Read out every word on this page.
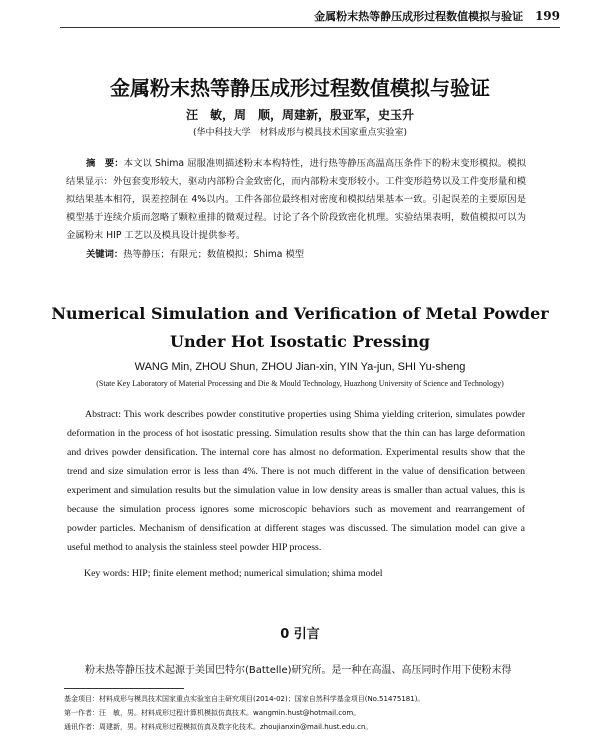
金属粉末热等静压成形过程数值模拟与验证 199
金属粉末热等静压成形过程数值模拟与验证
汪　敏，周　顺，周建新，殷亚军，史玉升
(华中科技大学　材料成形与模具技术国家重点实验室)
摘　要：本文以 Shima 屈服准则描述粉末本构特性，进行热等静压高温高压条件下的粉末变形模拟。模拟结果显示：外包套变形较大，驱动内部粉合金致密化，而内部粉末变形较小。工件变形趋势以及工件变形量和模拟结果基本相符，误差控制在 4%以内。工件各部位最终相对密度和模拟结果基本一致。引起误差的主要原因是模型基于连续介质而忽略了颗粒重排的微观过程。讨论了各个阶段致密化机理。实验结果表明，数值模拟可以为金属粉末 HIP 工艺以及模具设计提供参考。
关键词：热等静压；有限元；数值模拟；Shima 模型
Numerical Simulation and Verification of Metal Powder Under Hot Isostatic Pressing
WANG Min, ZHOU Shun, ZHOU Jian-xin, YIN Ya-jun, SHI Yu-sheng
(State Key Laboratory of Material Processing and Die & Mould Technology, Huazhong University of Science and Technology)
Abstract: This work describes powder constitutive properties using Shima yielding criterion, simulates powder deformation in the process of hot isostatic pressing. Simulation results show that the thin can has large deformation and drives powder densification. The internal core has almost no deformation. Experimental results show that the trend and size simulation error is less than 4%. There is not much different in the value of densification between experiment and simulation results but the simulation value in low density areas is smaller than actual values, this is because the simulation process ignores some microscopic behaviors such as movement and rearrangement of powder particles. Mechanism of densification at different stages was discussed. The simulation model can give a useful method to analysis the stainless steel powder HIP process.
Key words: HIP; finite element method; numerical simulation; shima model
0 引言
粉末热等静压技术起源于美国巴特尔(Battelle)研究所。是一种在高温、高压同时作用下使粉末得
基金项目：材料成形与模具技术国家重点实验室自主研究项目(2014-02)；国家自然科学基金项目(No.51475181)。
第一作者：汪　敏，男。材料成形过程计算机模拟仿真技术。wangmin.hust@hotmail.com。
通讯作者：周建新，男。材料成形过程模拟仿真及数字化技术。zhoujianxin@mail.hust.edu.cn。
